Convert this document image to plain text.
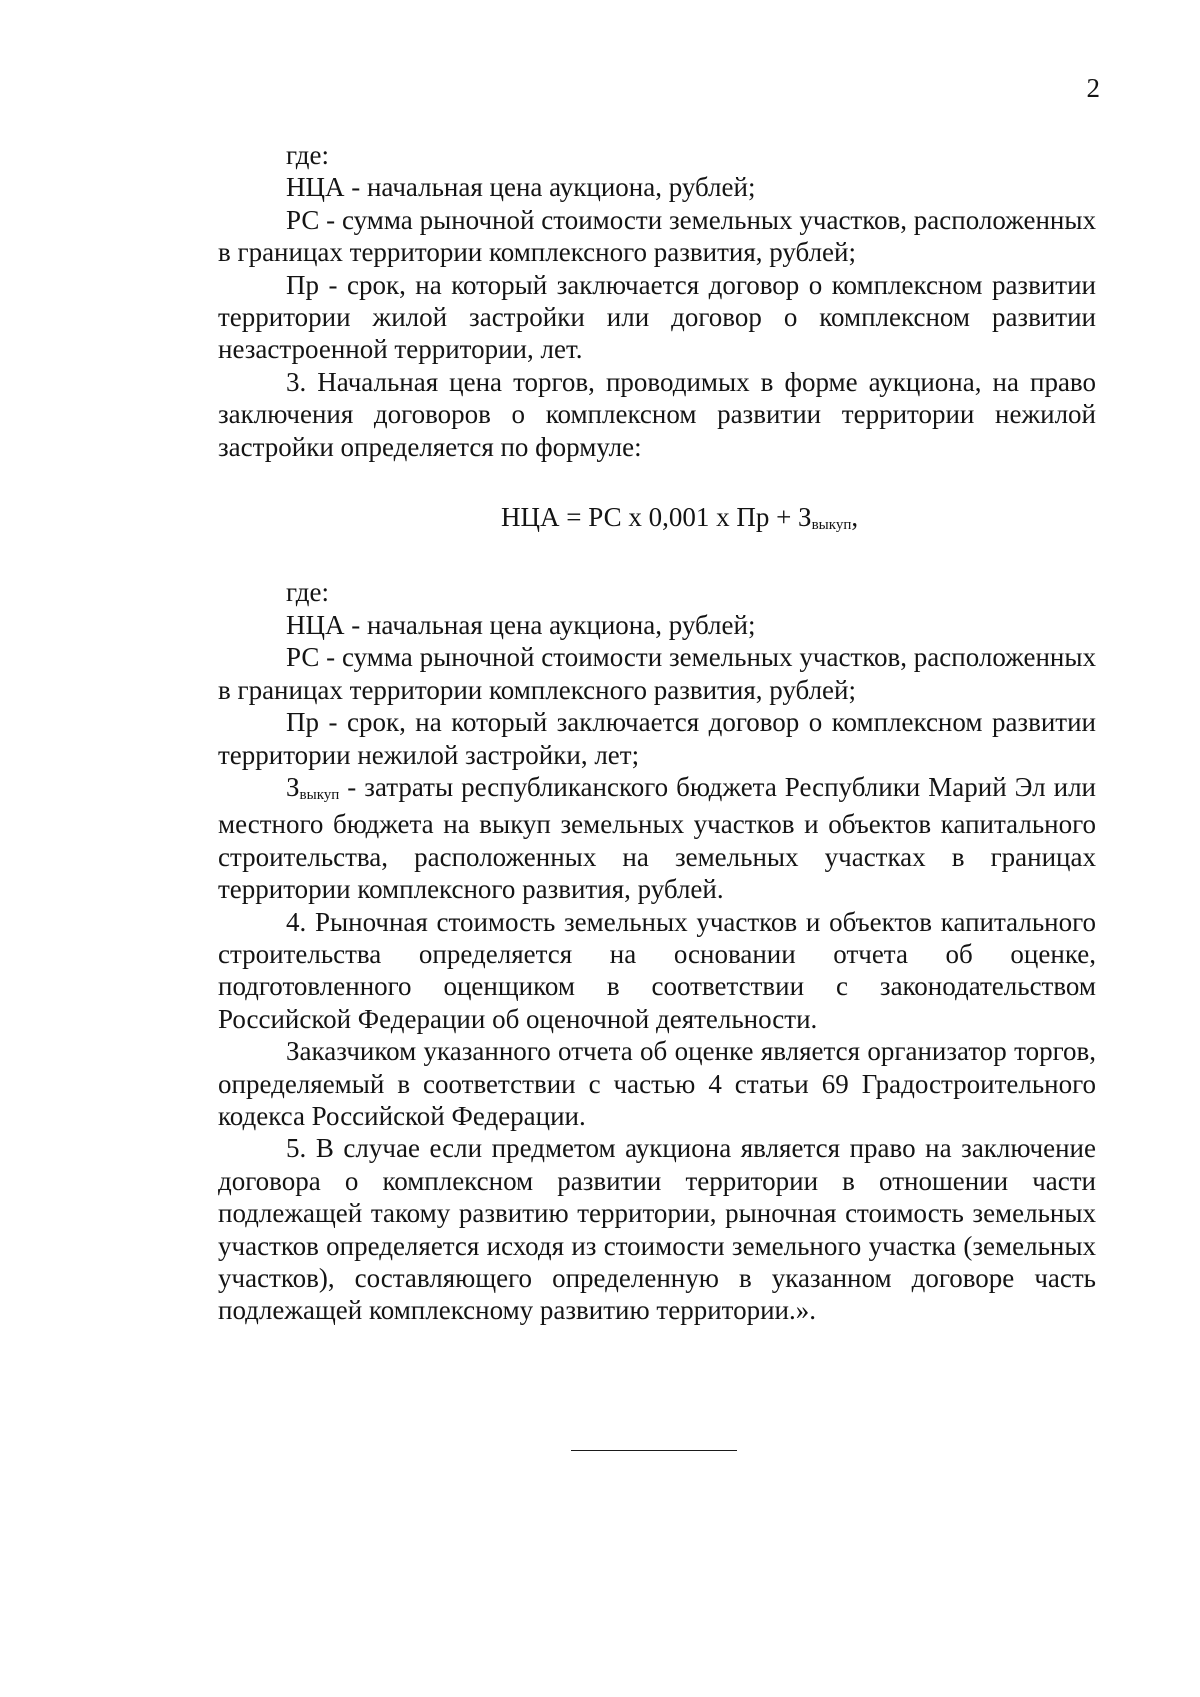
2

где:

НЦА - начальная цена аукциона, рублей;

РС - сумма рыночной стоимости земельных участков, расположенных в границах территории комплексного развития, рублей;

Пр - срок, на который заключается договор о комплексном развитии территории жилой застройки или договор о комплексном развитии незастроенной территории, лет.

3. Начальная цена торгов, проводимых в форме аукциона, на право заключения договоров о комплексном развитии территории нежилой застройки определяется по формуле:

НЦА = РС х 0,001 х Пр + Звыкуп,

где:

НЦА - начальная цена аукциона, рублей;

РС - сумма рыночной стоимости земельных участков, расположенных в границах территории комплексного развития, рублей;

Пр - срок, на который заключается договор о комплексном развитии территории нежилой застройки, лет;

Звыкуп - затраты республиканского бюджета Республики Марий Эл или местного бюджета на выкуп земельных участков и объектов капитального строительства, расположенных на земельных участках в границах территории комплексного развития, рублей.

4. Рыночная стоимость земельных участков и объектов капитального строительства определяется на основании отчета об оценке, подготовленного оценщиком в соответствии с законодательством Российской Федерации об оценочной деятельности.

Заказчиком указанного отчета об оценке является организатор торгов, определяемый в соответствии с частью 4 статьи 69 Градостроительного кодекса Российской Федерации.

5. В случае если предметом аукциона является право на заключение договора о комплексном развитии территории в отношении части подлежащей такому развитию территории, рыночная стоимость земельных участков определяется исходя из стоимости земельного участка (земельных участков), составляющего определенную в указанном договоре часть подлежащей комплексному развитию территории.».
